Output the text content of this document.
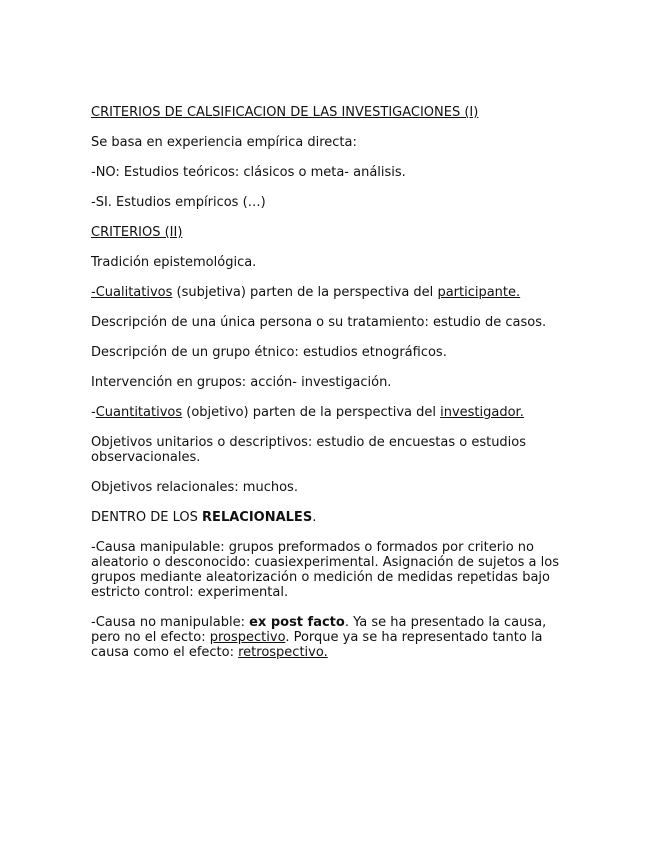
CRITERIOS DE CALSIFICACION DE LAS INVESTIGACIONES (I)

Se basa en experiencia empírica directa:

-NO: Estudios teóricos: clásicos o meta- análisis.

-SI. Estudios empíricos (…)

CRITERIOS (II)

Tradición epistemológica.

-Cualitativos (subjetiva) parten de la perspectiva del participante.

Descripción de una única persona o su tratamiento: estudio de casos.

Descripción de un grupo étnico: estudios etnográficos.

Intervención en grupos: acción- investigación.

-Cuantitativos (objetivo) parten de la perspectiva del investigador.

Objetivos unitarios o descriptivos: estudio de encuestas o estudios observacionales.

Objetivos relacionales: muchos.

DENTRO DE LOS RELACIONALES.

-Causa manipulable: grupos preformados o formados por criterio no aleatorio o desconocido: cuasiexperimental. Asignación de sujetos a los grupos mediante aleatorización o medición de medidas repetidas bajo estricto control: experimental.

-Causa no manipulable: ex post facto. Ya se ha presentado la causa, pero no el efecto: prospectivo. Porque ya se ha representado tanto la causa como el efecto: retrospectivo.
